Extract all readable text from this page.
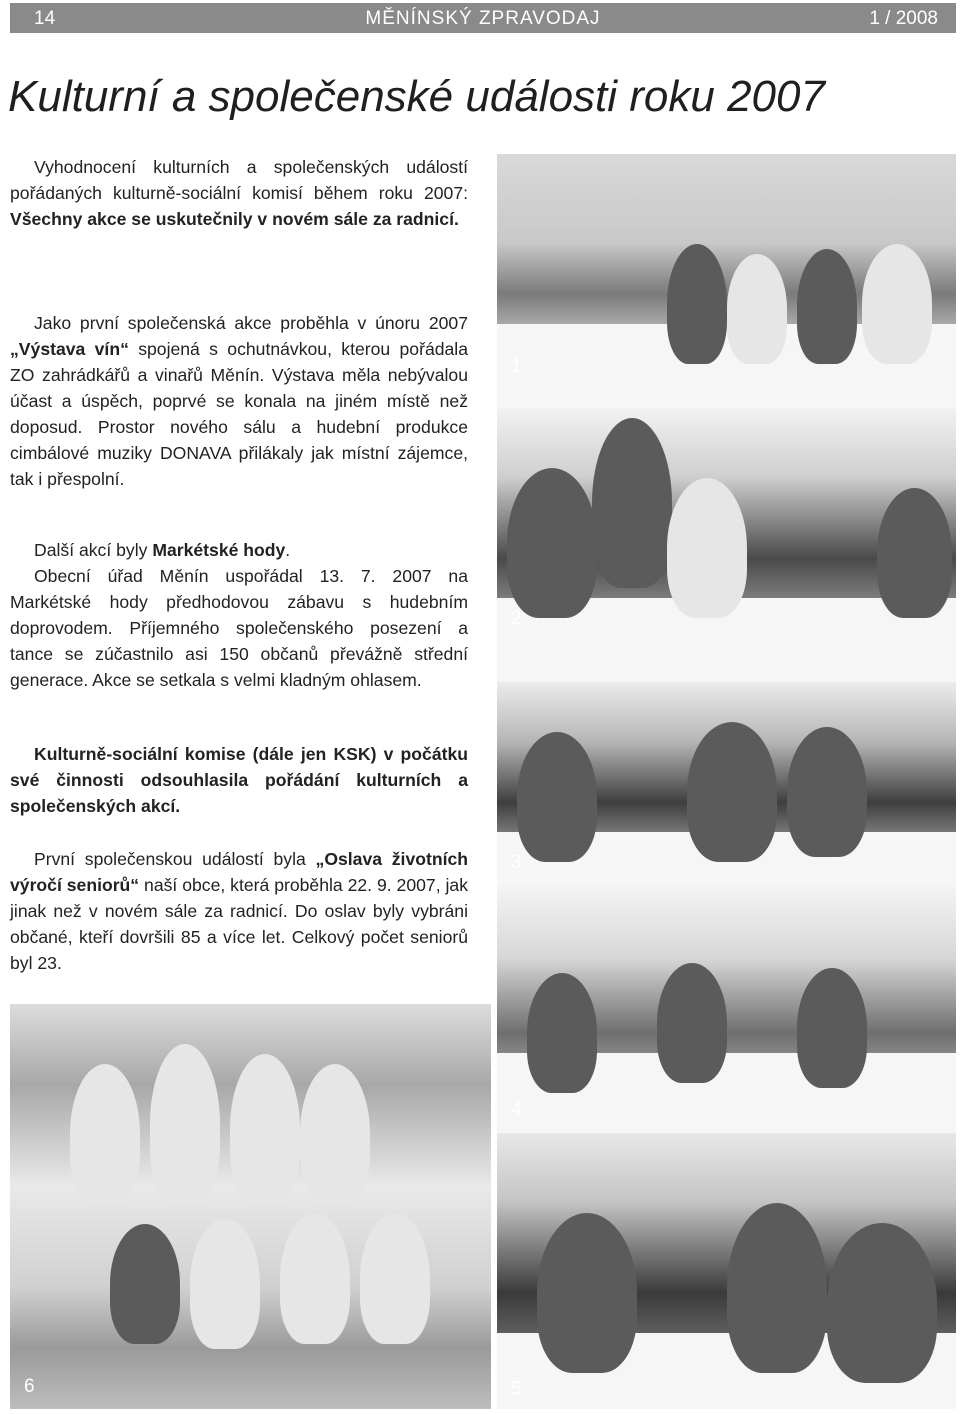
14	MĚNÍNSKÝ ZPRAVODAJ	1 / 2008
Kulturní a společenské události roku 2007

Vyhodnocení kulturních a společenských událostí pořádaných kulturně-sociální komisí během roku 2007: Všechny akce se uskutečnily v novém sále za radnicí.

Jako první společenská akce proběhla v únoru 2007 „Výstava vín“ spojená s ochutnávkou, kterou pořádala ZO zahrádkářů a vinařů Měnín. Výstava měla nebývalou účast a úspěch, poprvé se konala na jiném místě než doposud. Prostor nového sálu a hudební produkce cimbálové muziky DONAVA přilákaly jak místní zájemce, tak i přespolní.

Další akcí byly Markétské hody.

Obecní úřad Měnín uspořádal 13. 7. 2007 na Markétské hody předhodovou zábavu s hudebním doprovodem. Příjemného společenského posezení a tance se zúčastnilo asi 150 občanů převážně střední generace. Akce se setkala s velmi kladným ohlasem.

Kulturně-sociální komise (dále jen KSK) v počátku své činnosti odsouhlasila pořádání kulturních a společenských akcí.

První společenskou událostí byla „Oslava životních výročí seniorů“ naší obce, která proběhla 22. 9. 2007, jak jinak než v novém sále za radnicí. Do oslav byly vybráni občané, kteří dovršili 85 a více let. Celkový počet seniorů byl 23.

1
2
3
4
5
6
